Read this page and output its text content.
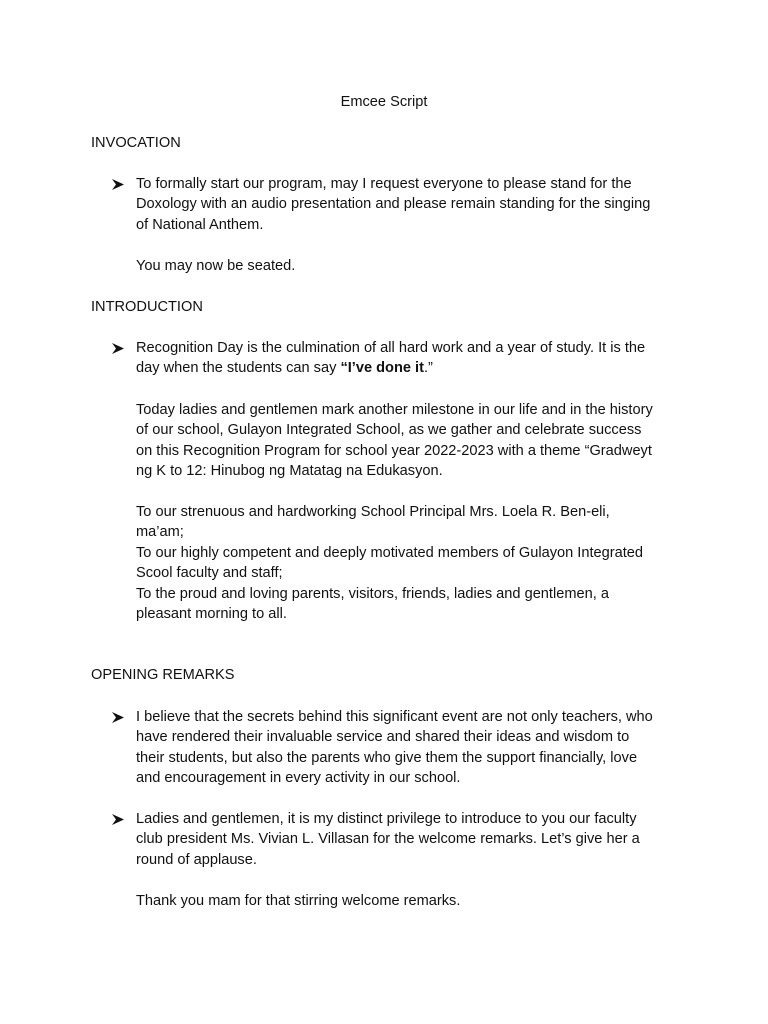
Emcee Script
INVOCATION
To formally start our program, may I request everyone to please stand for the
Doxology with an audio presentation and please remain standing for the singing
of National Anthem.
You may now be seated.
INTRODUCTION
Recognition Day is the culmination of all hard work and a year of study. It is the
day when the students can say “I’ve done it.”
Today ladies and gentlemen mark another milestone in our life and in the history
of our school, Gulayon Integrated School, as we gather and celebrate success
on this Recognition Program for school year 2022-2023 with a theme “Gradweyt
ng K to 12: Hinubog ng Matatag na Edukasyon.
To our strenuous and hardworking School Principal Mrs. Loela R. Ben-eli,
ma’am;
To our highly competent and deeply motivated members of Gulayon Integrated
Scool faculty and staff;
To the proud and loving parents, visitors, friends, ladies and gentlemen, a
pleasant morning to all.
OPENING REMARKS
I believe that the secrets behind this significant event are not only teachers, who
have rendered their invaluable service and shared their ideas and wisdom to
their students, but also the parents who give them the support financially, love
and encouragement in every activity in our school.
Ladies and gentlemen, it is my distinct privilege to introduce to you our faculty
club president Ms. Vivian L. Villasan for the welcome remarks. Let’s give her a
round of applause.
Thank you mam for that stirring welcome remarks.
